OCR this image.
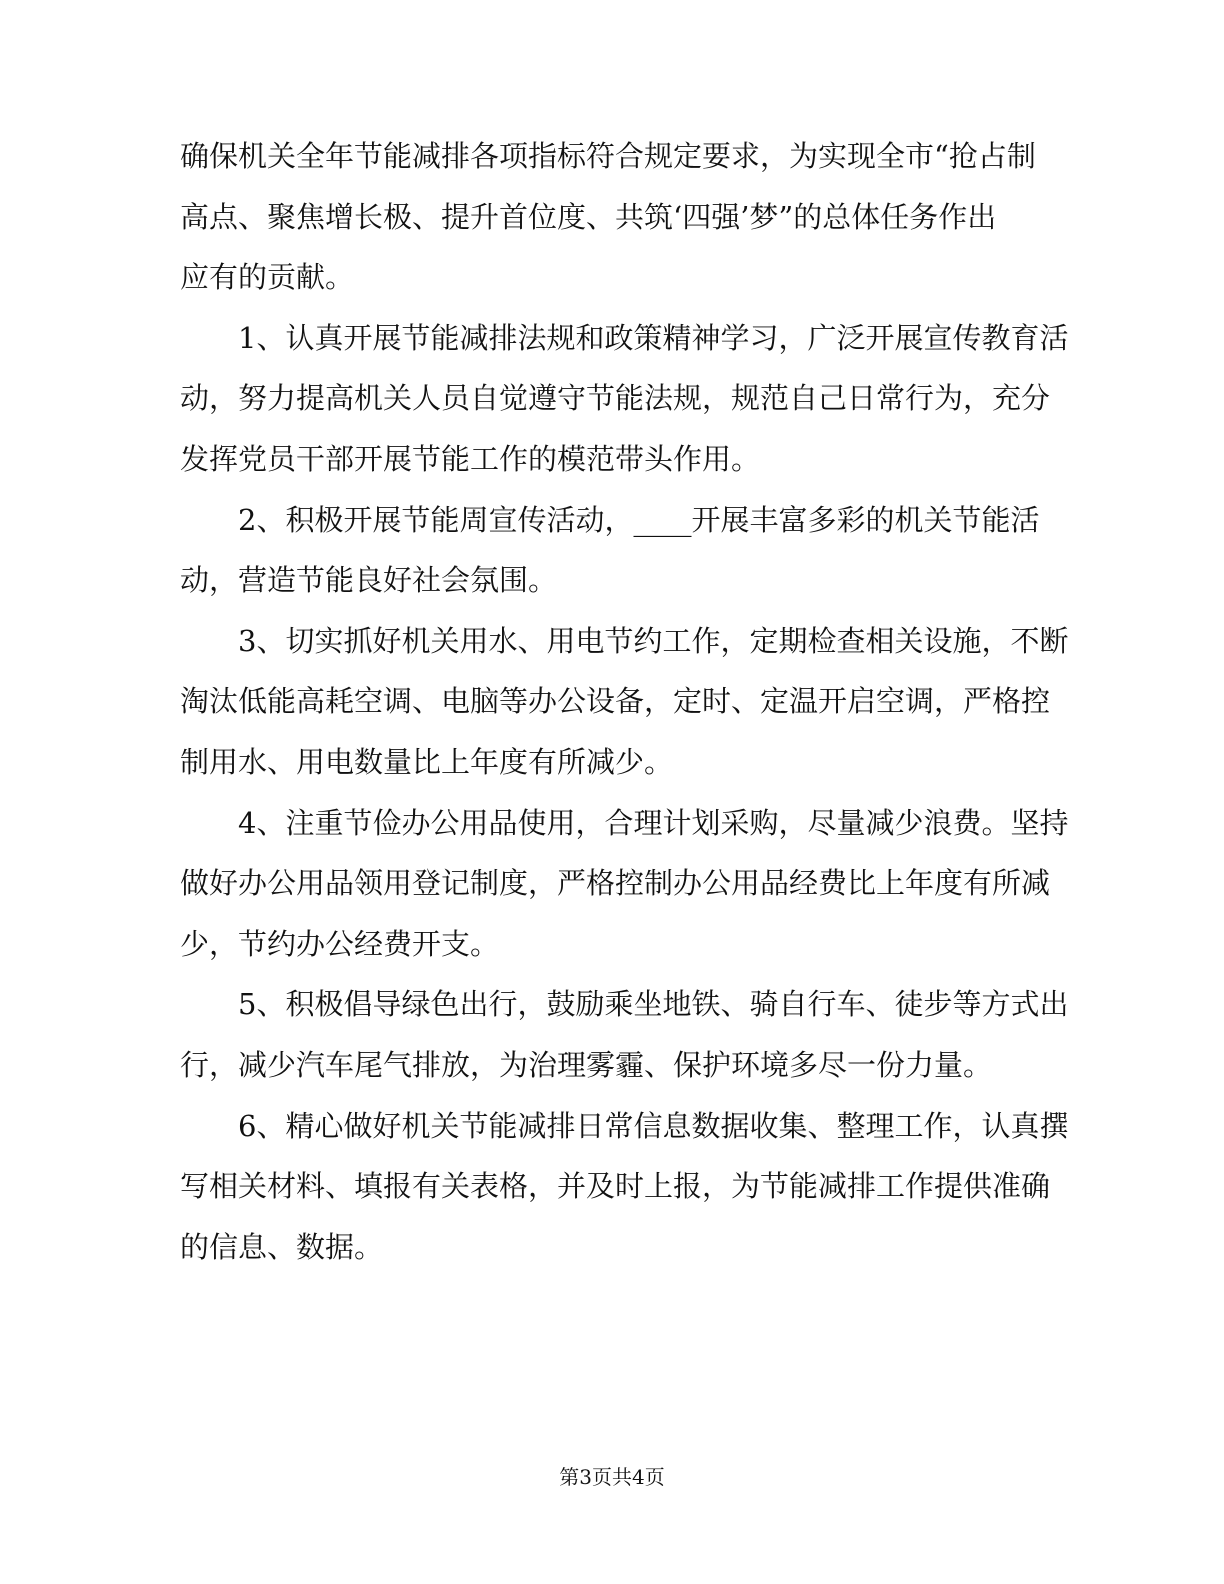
确保机关全年节能减排各项指标符合规定要求，为实现全市“抢占制
高点、聚焦增长极、提升首位度、共筑‘四强’梦”的总体任务作出
应有的贡献。
1、认真开展节能减排法规和政策精神学习，广泛开展宣传教育活
动，努力提高机关人员自觉遵守节能法规，规范自己日常行为，充分
发挥党员干部开展节能工作的模范带头作用。
2、积极开展节能周宣传活动，____开展丰富多彩的机关节能活
动，营造节能良好社会氛围。
3、切实抓好机关用水、用电节约工作，定期检查相关设施，不断
淘汰低能高耗空调、电脑等办公设备，定时、定温开启空调，严格控
制用水、用电数量比上年度有所减少。
4、注重节俭办公用品使用，合理计划采购，尽量减少浪费。坚持
做好办公用品领用登记制度，严格控制办公用品经费比上年度有所减
少，节约办公经费开支。
5、积极倡导绿色出行，鼓励乘坐地铁、骑自行车、徒步等方式出
行，减少汽车尾气排放，为治理雾霾、保护环境多尽一份力量。
6、精心做好机关节能减排日常信息数据收集、整理工作，认真撰
写相关材料、填报有关表格，并及时上报，为节能减排工作提供准确
的信息、数据。
第3页共4页
